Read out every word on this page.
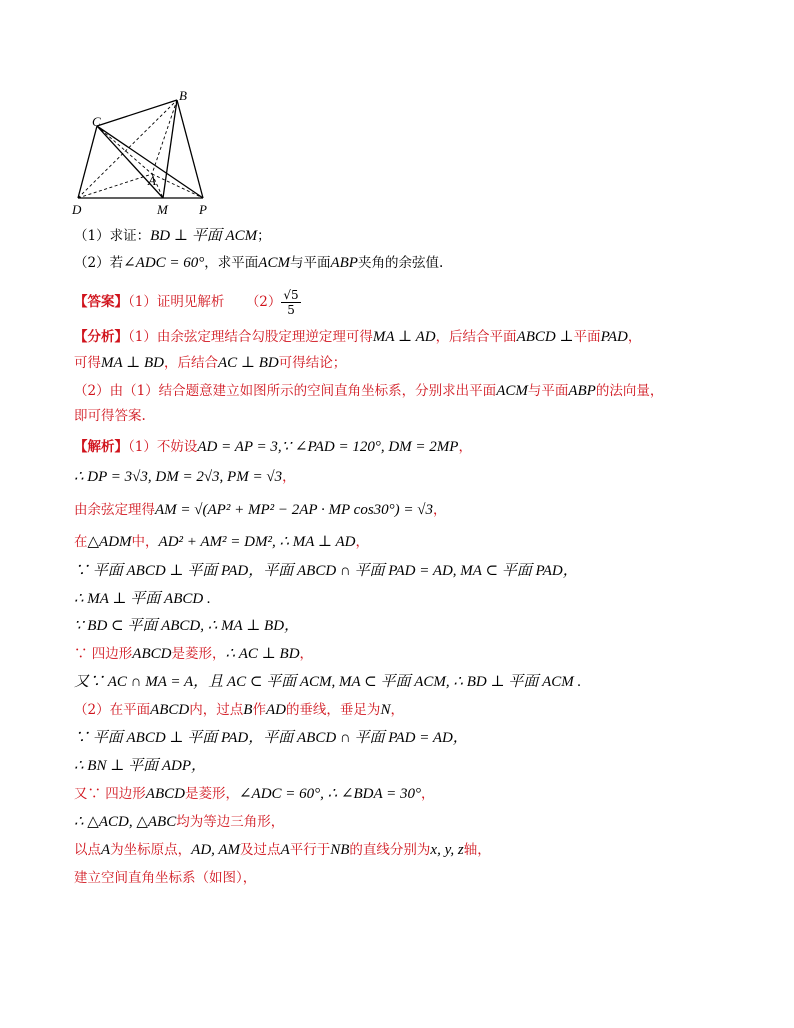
B
C
A
D	M P
（1）求证：BD ⊥ 平面 ACM；
（2）若∠ADC = 60°，求平面ACM与平面ABP夹角的余弦值.
【答案】（1）证明见解析 $(2) \frac{√5}{5}$
【分析】（1）由余弦定理结合勾股定理逆定理可得MA ⊥ AD，后结合平面ABCD ⊥平面PAD，
可得MA ⊥ BD，后结合AC ⊥ BD可得结论；
（2）由（1）结合题意建立如图所示的空间直角坐标系，分别求出平面ACM与平面ABP的法向量，
即可得答案.
【解析】（1）不妨设AD = AP = 3,∵ ∠PAD = 120°, DM = 2MP，
∴ DP = 3√3, DM = 2√3, PM = √3，
由余弦定理得AM = √(AP² + MP² − 2AP · MP cos30°) = √3，
在△ADM中，AD² + AM² = DM², ∴ MA ⊥ AD，
∵ 平面 ABCD ⊥ 平面 PAD，平面 ABCD ∩ 平面 PAD = AD, MA ⊂ 平面 PAD，
∴ MA ⊥ 平面 ABCD .
∵ BD ⊂ 平面 ABCD, ∴ MA ⊥ BD，
∵ 四边形ABCD是菱形，∴ AC ⊥ BD，
又∵ AC ∩ MA = A，且 AC ⊂ 平面 ACM, MA ⊂ 平面 ACM, ∴ BD ⊥ 平面 ACM .
（2）在平面ABCD内，过点B作AD的垂线，垂足为N，
∵ 平面 ABCD ⊥ 平面 PAD，平面 ABCD ∩ 平面 PAD = AD，
∴ BN ⊥ 平面 ADP，
又∵ 四边形ABCD是菱形，∠ADC = 60°, ∴ ∠BDA = 30°，
∴ △ACD, △ABC均为等边三角形，
以点A为坐标原点，AD, AM及过点A平行于NB的直线分别为x, y, z轴，
建立空间直角坐标系（如图），
